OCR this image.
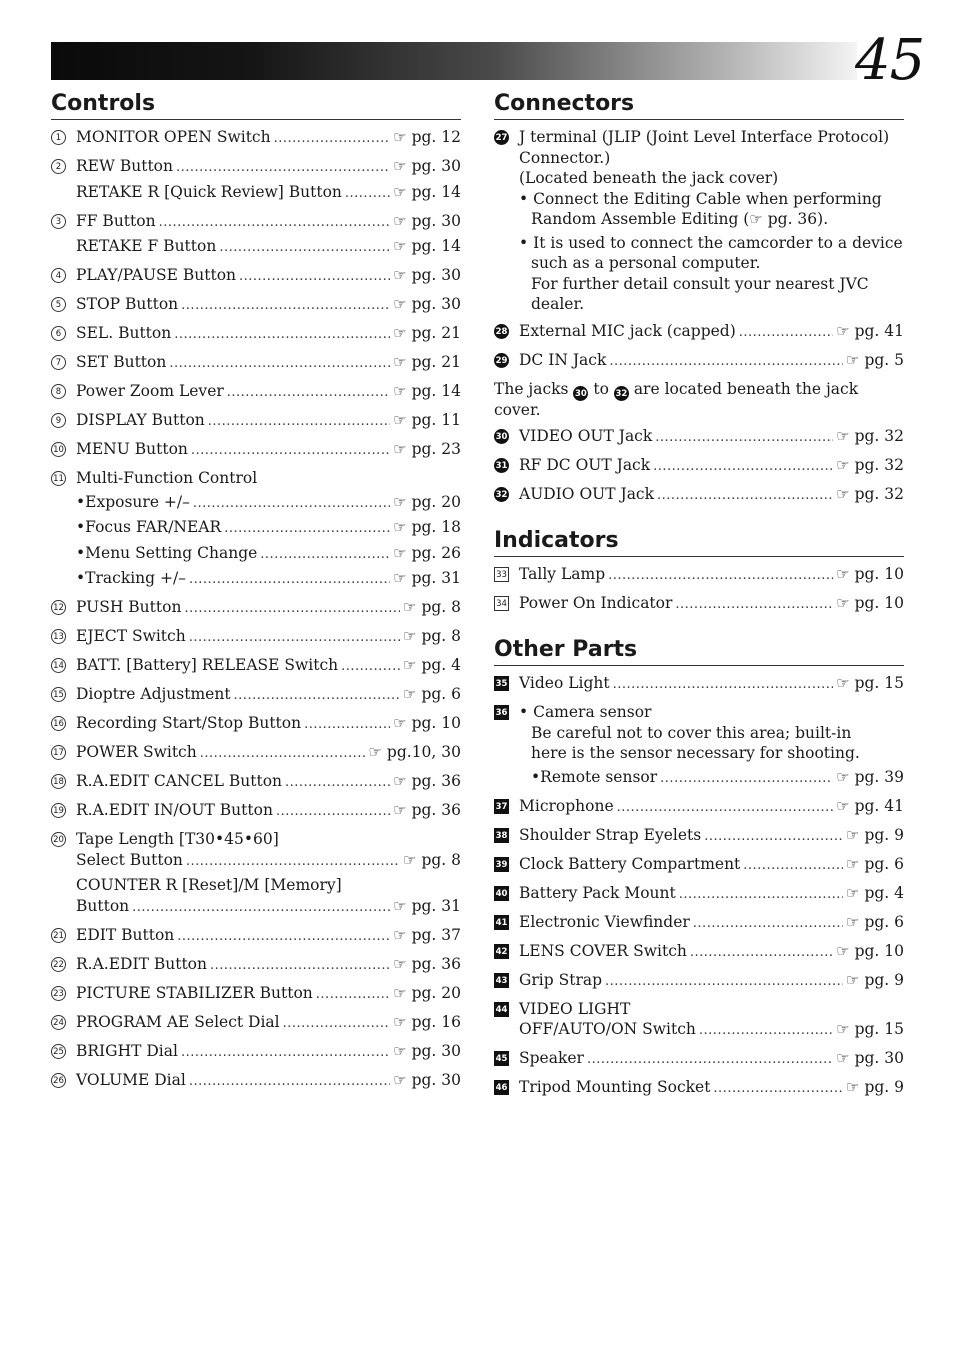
45
Controls
1 MONITOR OPEN Switch .....	☞ pg. 12
2 REW Button .....	☞ pg. 30
RETAKE R [Quick Review] Button .....	☞ pg. 14
3 FF Button .....	☞ pg. 30
RETAKE F Button .....	☞ pg. 14
4 PLAY/PAUSE Button .....	☞ pg. 30
5 STOP Button .....	☞ pg. 30
6 SEL. Button .....	☞ pg. 21
7 SET Button .....	☞ pg. 21
8 Power Zoom Lever .....	☞ pg. 14
9 DISPLAY Button .....	☞ pg. 11
10 MENU Button .....	☞ pg. 23
11 Multi-Function Control
•Exposure +/– .....	☞ pg. 20
•Focus FAR/NEAR .....	☞ pg. 18
•Menu Setting Change .....	☞ pg. 26
•Tracking +/– .....	☞ pg. 31
12 PUSH Button .....	☞ pg. 8
13 EJECT Switch .....	☞ pg. 8
14 BATT. [Battery] RELEASE Switch .....	☞ pg. 4
15 Dioptre Adjustment .....	☞ pg. 6
16 Recording Start/Stop Button .....	☞ pg. 10
17 POWER Switch .....	☞ pg.10, 30
18 R.A.EDIT CANCEL Button .....	☞ pg. 36
19 R.A.EDIT IN/OUT Button .....	☞ pg. 36
20 Tape Length [T30•45•60]
Select Button .....	☞ pg. 8
COUNTER R [Reset]/M [Memory]
Button .....	☞ pg. 31
21 EDIT Button .....	☞ pg. 37
22 R.A.EDIT Button .....	☞ pg. 36
23 PICTURE STABILIZER Button .....	☞ pg. 20
24 PROGRAM AE Select Dial .....	☞ pg. 16
25 BRIGHT Dial .....	☞ pg. 30
26 VOLUME Dial .....	☞ pg. 30
Connectors
27 J terminal (JLIP (Joint Level Interface Protocol)
Connector.)
(Located beneath the jack cover)
• Connect the Editing Cable when performing
Random Assemble Editing (☞ pg. 36).
• It is used to connect the camcorder to a device
such as a personal computer.
For further detail consult your nearest JVC
dealer.
28 External MIC jack (capped) .....	☞ pg. 41
29 DC IN Jack .....	☞ pg. 5
The jacks 30 to 32 are located beneath the jack
cover.
30 VIDEO OUT Jack .....	☞ pg. 32
31 RF DC OUT Jack .....	☞ pg. 32
32 AUDIO OUT Jack .....	☞ pg. 32
Indicators
33 Tally Lamp .....	☞ pg. 10
34 Power On Indicator .....	☞ pg. 10
Other Parts
35 Video Light .....	☞ pg. 15
36 • Camera sensor
Be careful not to cover this area; built-in
here is the sensor necessary for shooting.
• Remote sensor .....	☞ pg. 39
37 Microphone .....	☞ pg. 41
38 Shoulder Strap Eyelets .....	☞ pg. 9
39 Clock Battery Compartment .....	☞ pg. 6
40 Battery Pack Mount .....	☞ pg. 4
41 Electronic Viewfinder .....	☞ pg. 6
42 LENS COVER Switch .....	☞ pg. 10
43 Grip Strap .....	☞ pg. 9
44 VIDEO LIGHT
OFF/AUTO/ON Switch .....	☞ pg. 15
45 Speaker .....	☞ pg. 30
46 Tripod Mounting Socket .....	☞ pg. 9
